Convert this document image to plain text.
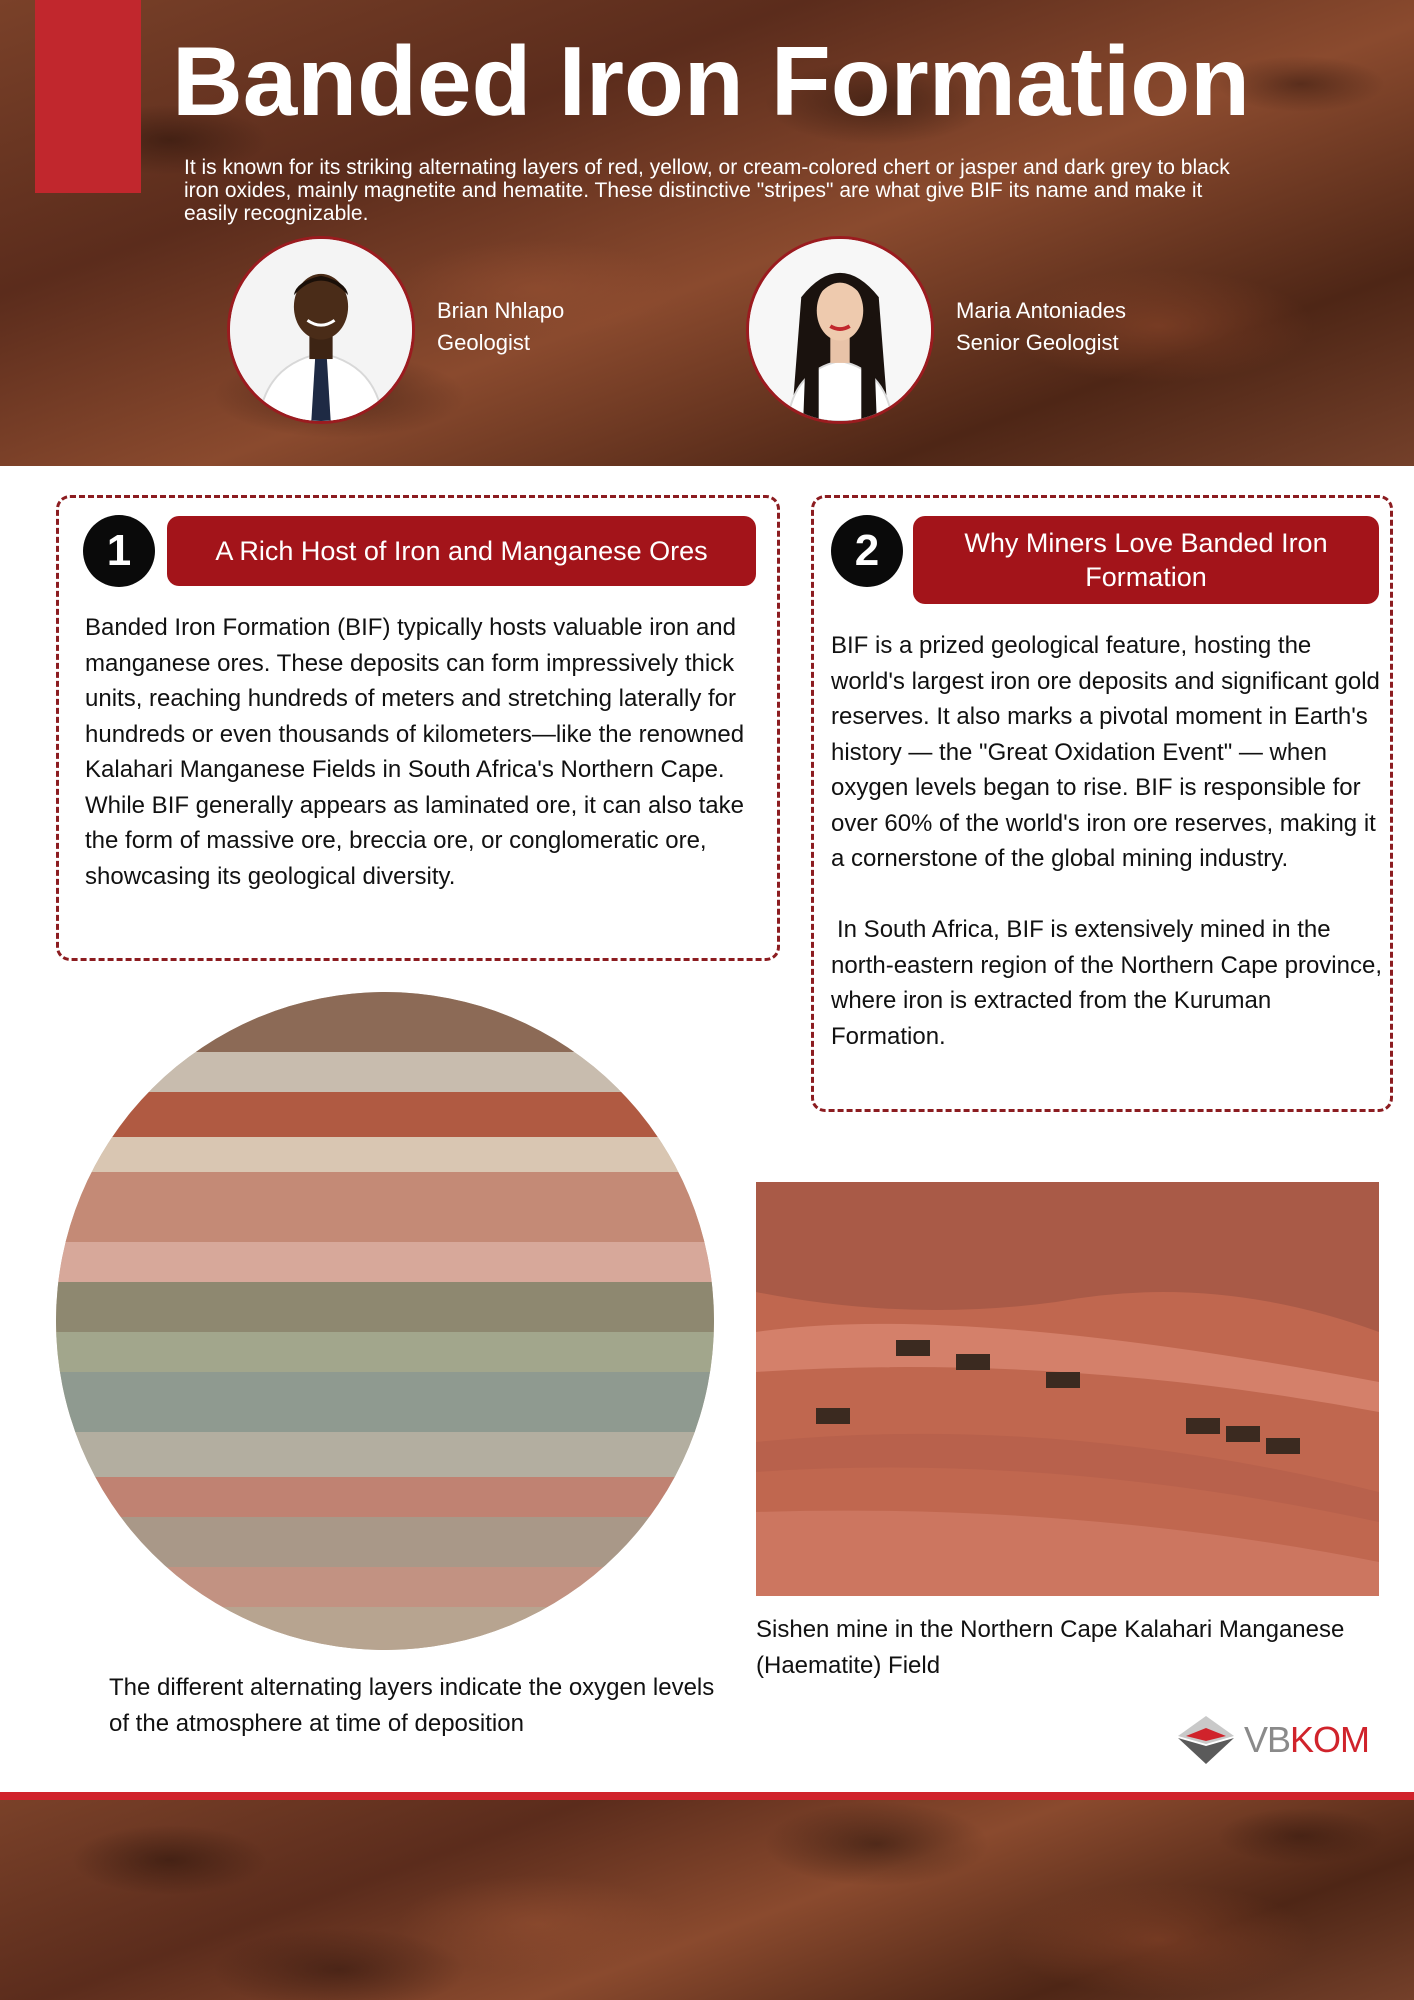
Banded Iron Formation
It is known for its striking alternating layers of red, yellow, or cream-colored chert or jasper and dark grey to black iron oxides, mainly magnetite and hematite. These distinctive "stripes" are what give BIF its name and make it easily recognizable.
Brian Nhlapo
Geologist
Maria Antoniades
Senior Geologist
1	A Rich Host of Iron and Manganese Ores

Banded Iron Formation (BIF) typically hosts valuable iron and manganese ores. These deposits can form impressively thick units, reaching hundreds of meters and stretching laterally for hundreds or even thousands of kilometers—like the renowned Kalahari Manganese Fields in South Africa's Northern Cape.

While BIF generally appears as laminated ore, it can also take the form of massive ore, breccia ore, or conglomeratic ore, showcasing its geological diversity.

2	Why Miners Love Banded Iron Formation

BIF is a prized geological feature, hosting the world's largest iron ore deposits and significant gold reserves. It also marks a pivotal moment in Earth's history — the "Great Oxidation Event" — when oxygen levels began to rise. BIF is responsible for over 60% of the world's iron ore reserves, making it a cornerstone of the global mining industry.

In South Africa, BIF is extensively mined in the north-eastern region of the Northern Cape province, where iron is extracted from the Kuruman Formation.

The different alternating layers indicate the oxygen levels of the atmosphere at time of deposition
Sishen mine in the Northern Cape Kalahari Manganese (Haematite) Field
VBKOM
